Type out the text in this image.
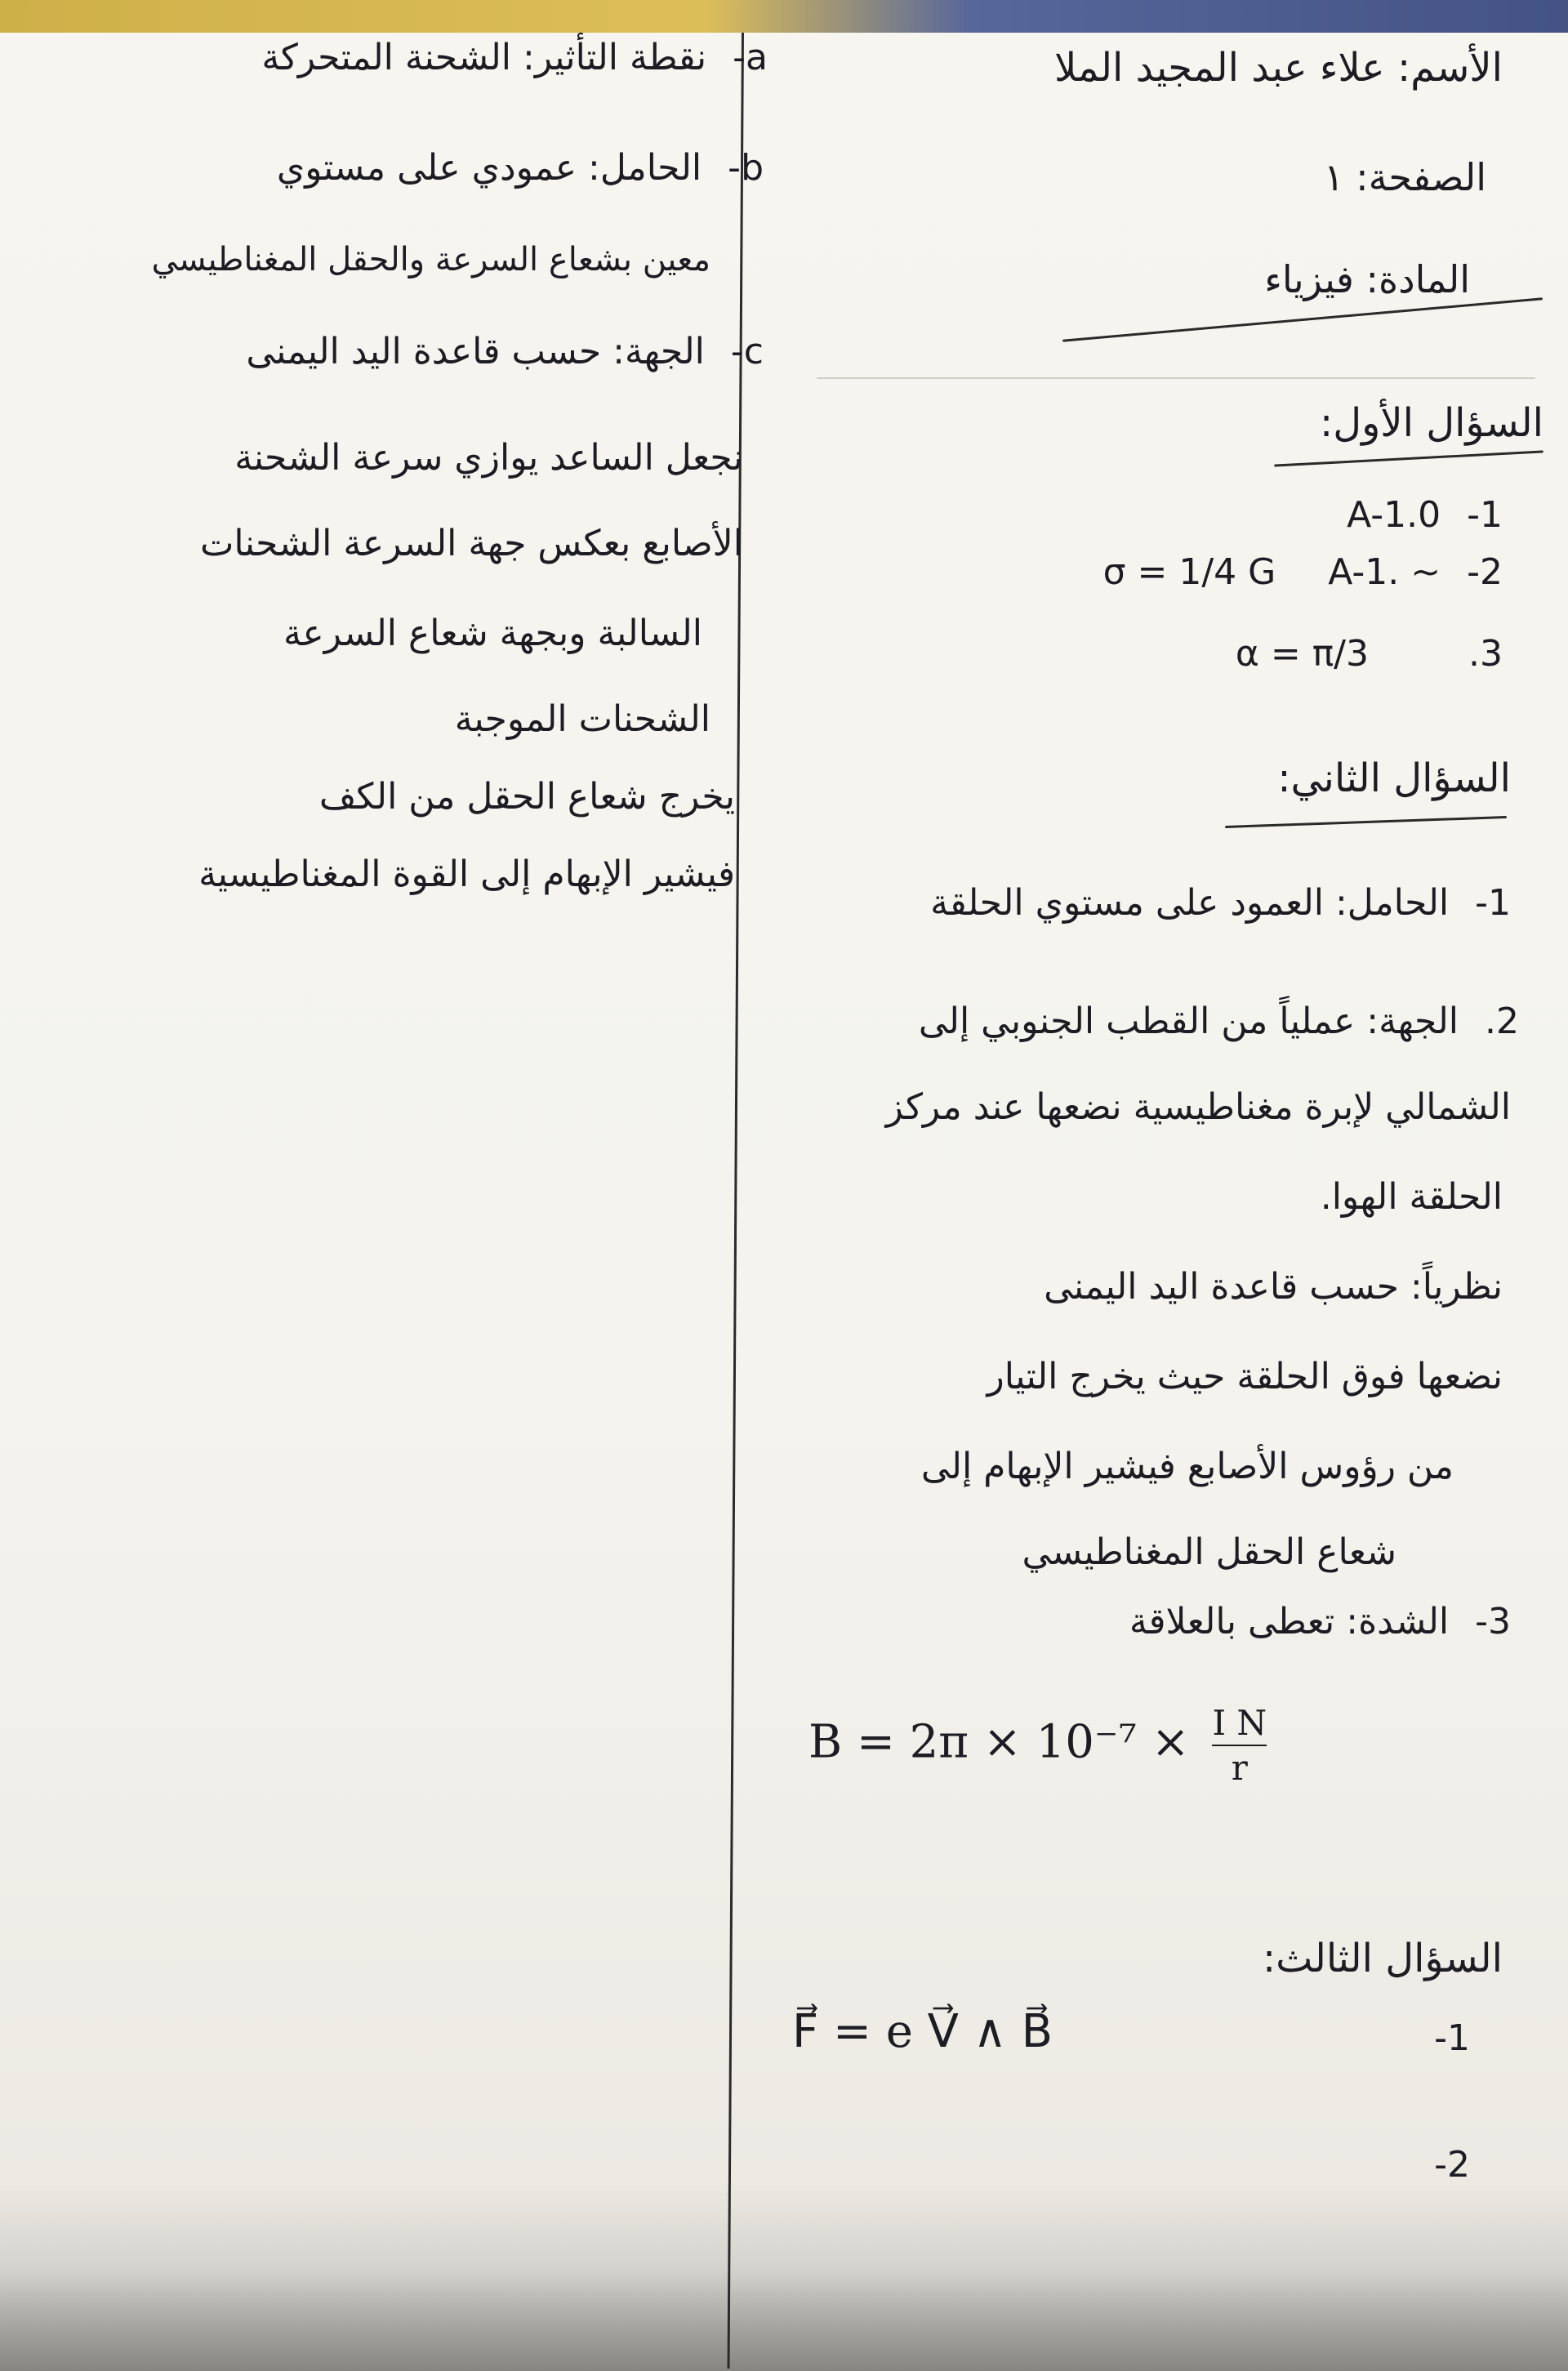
الأسم: علاء عبد المجيد الملا
الصفحة: ١
المادة: فيزياء
السؤال الأول:
1- A-1.0
2- A-1. ~ σ = 1/4 G
3. α = π/3
السؤال الثاني:
1- الحامل: العمود على مستوي الحلقة
2. الجهة: عملياً من القطب الجنوبي إلى
الشمالي لإبرة مغناطيسية نضعها عند مركز
الحلقة الهوا.
نظرياً: حسب قاعدة اليد اليمنى
نضعها فوق الحلقة حيث يخرج التيار
من رؤوس الأصابع فيشير الإبهام إلى
شعاع الحقل المغناطيسي
3- الشدة: تعطى بالعلاقة
$B = 2\pi \times 10^{-7} \times \frac{\text{I N}}{r}$
السؤال الثالث:
1-
F⃗ = e V⃗ ∧ B⃗
2-
a- نقطة التأثير: الشحنة المتحركة
b- الحامل: عمودي على مستوي
معين بشعاع السرعة والحقل المغناطيسي
c- الجهة: حسب قاعدة اليد اليمنى
نجعل الساعد يوازي سرعة الشحنة
الأصابع بعكس جهة السرعة الشحنات
السالبة وبجهة شعاع السرعة
الشحنات الموجبة
يخرج شعاع الحقل من الكف
فيشير الإبهام إلى القوة المغناطيسية
